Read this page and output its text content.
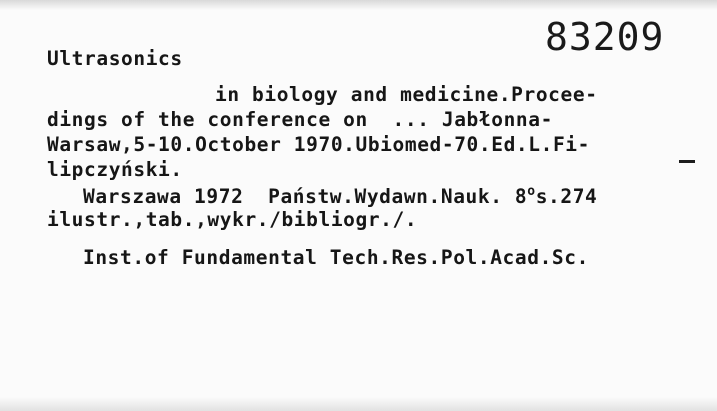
83209
Ultrasonics
in biology and medicine.Procee-
dings of the conference on  ... Jabłonna-
Warsaw,5-10.October 1970.Ubiomed-70.Ed.L.Fi-
lipczyński.
Warszawa 1972  Państw.Wydawn.Nauk. 8$^o$s.274
ilustr.,tab.,wykr./bibliogr./.
Inst.of Fundamental Tech.Res.Pol.Acad.Sc.
